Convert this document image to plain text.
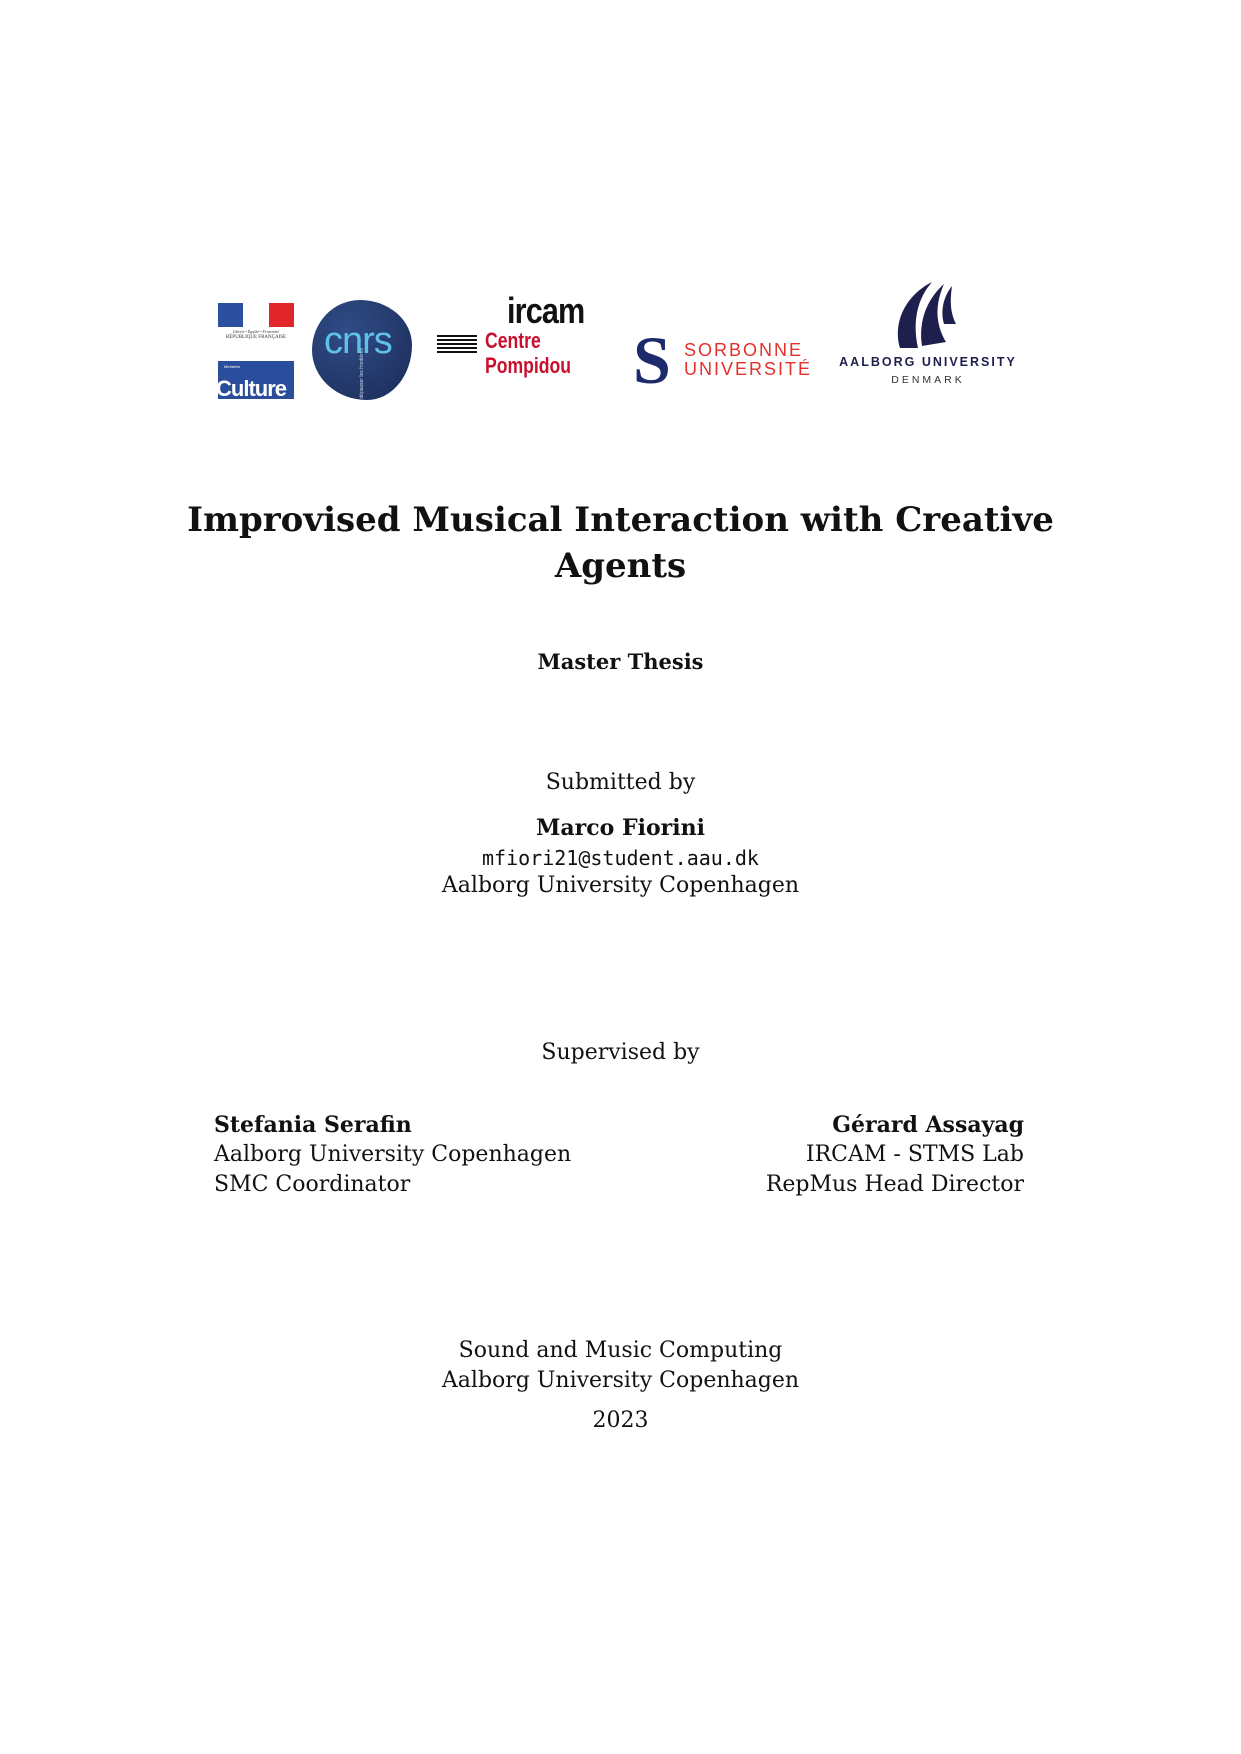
Liberté • Égalité • Fraternité
RÉPUBLIQUE FRANÇAISE
Ministère
Culture
cnrs
dépasser les frontières
ircam
Centre
Pompidou S SORBONNE
UNIVERSITÉ	AALBORG UNIVERSITY
DENMARK
Improvised Musical Interaction with Creative
Agents
Master Thesis
Submitted by
Marco Fiorini
mfiori21@student.aau.dk
Aalborg University Copenhagen
Supervised by
Stefania Serafin
Aalborg University Copenhagen
SMC Coordinator
Gérard Assayag
IRCAM - STMS Lab
RepMus Head Director
Sound and Music Computing
Aalborg University Copenhagen
2023
